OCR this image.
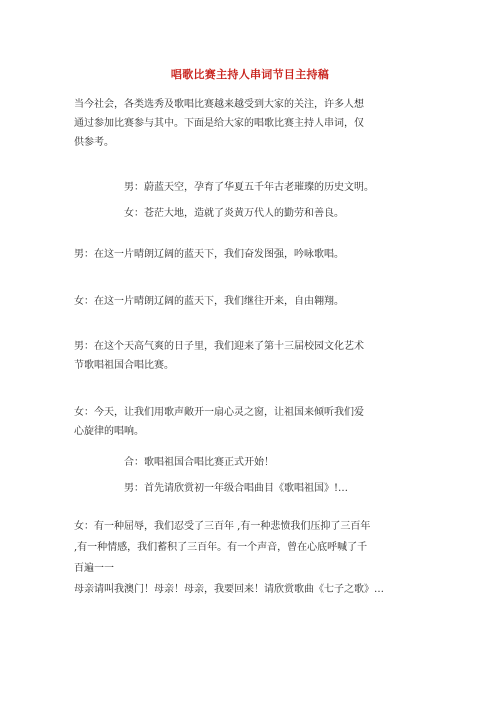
唱歌比赛主持人串词节目主持稿
当今社会，各类选秀及歌唱比赛越来越受到大家的关注，许多人想
通过参加比赛参与其中。下面是给大家的唱歌比赛主持人串词，仅
供参考。
男：蔚蓝天空，孕育了华夏五千年古老璀璨的历史文明。
女：苍茫大地，造就了炎黄万代人的勤劳和善良。
男：在这一片晴朗辽阔的蓝天下，我们奋发图强，吟咏歌唱。
女：在这一片晴朗辽阔的蓝天下，我们继往开来，自由翱翔。
男：在这个天高气爽的日子里，我们迎来了第十三届校园文化艺术
节歌唱祖国合唱比赛。
女：今天，让我们用歌声敞开一扇心灵之窗，让祖国来倾听我们爱
心旋律的唱响。
合：歌唱祖国合唱比赛正式开始！
男：首先请欣赏初一年级合唱曲目《歌唱祖国》!…
女：有一种屈辱，我们忍受了三百年 ,有一种悲愤我们压抑了三百年
,有一种情感，我们蓄积了三百年。有一个声音，曾在心底呼喊了千
百遍一一
母亲请叫我澳门！母亲！母亲，我要回来！请欣赏歌曲《七子之歌》…
